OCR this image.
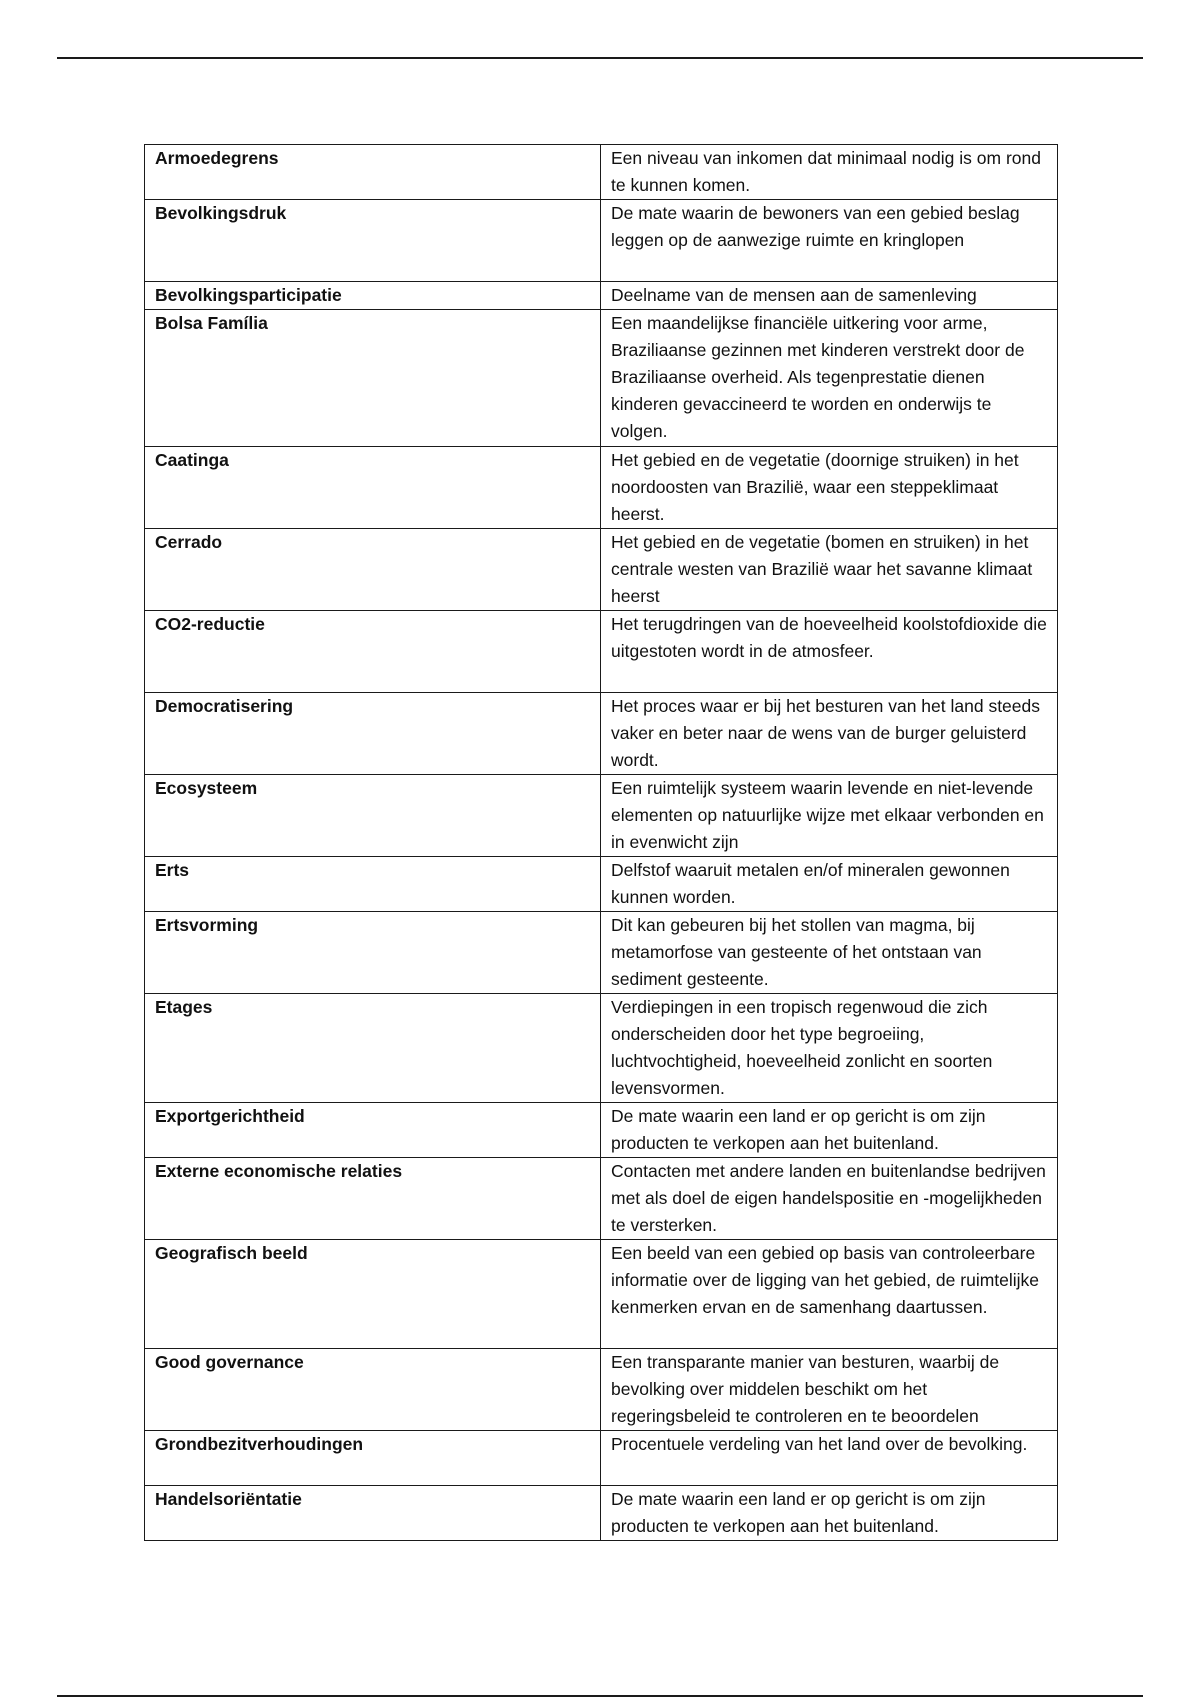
Armoedegrens	Een niveau van inkomen dat minimaal nodig is om rond te kunnen komen.
Bevolkingsdruk	De mate waarin de bewoners van een gebied beslag leggen op de aanwezige ruimte en kringlopen
Bevolkingsparticipatie	Deelname van de mensen aan de samenleving
Bolsa Família	Een maandelijkse financiële uitkering voor arme, Braziliaanse gezinnen met kinderen verstrekt door de Braziliaanse overheid. Als tegenprestatie dienen kinderen gevaccineerd te worden en onderwijs te volgen.
Caatinga	Het gebied en de vegetatie (doornige struiken) in het noordoosten van Brazilië, waar een steppeklimaat heerst.
Cerrado	Het gebied en de vegetatie (bomen en struiken) in het centrale westen van Brazilië waar het savanne klimaat heerst
CO2-reductie	Het terugdringen van de hoeveelheid koolstofdioxide die uitgestoten wordt in de atmosfeer.
Democratisering	Het proces waar er bij het besturen van het land steeds vaker en beter naar de wens van de burger geluisterd wordt.
Ecosysteem	Een ruimtelijk systeem waarin levende en niet-levende elementen op natuurlijke wijze met elkaar verbonden en in evenwicht zijn
Erts	Delfstof waaruit metalen en/of mineralen gewonnen kunnen worden.
Ertsvorming	Dit kan gebeuren bij het stollen van magma, bij metamorfose van gesteente of het ontstaan van sediment gesteente.
Etages	Verdiepingen in een tropisch regenwoud die zich onderscheiden door het type begroeiing, luchtvochtigheid, hoeveelheid zonlicht en soorten levensvormen.
Exportgerichtheid	De mate waarin een land er op gericht is om zijn producten te verkopen aan het buitenland.
Externe economische relaties	Contacten met andere landen en buitenlandse bedrijven met als doel de eigen handelspositie en -mogelijkheden te versterken.
Geografisch beeld	Een beeld van een gebied op basis van controleerbare informatie over de ligging van het gebied, de ruimtelijke kenmerken ervan en de samenhang daartussen.
Good governance	Een transparante manier van besturen, waarbij de bevolking over middelen beschikt om het regeringsbeleid te controleren en te beoordelen
Grondbezitverhoudingen	Procentuele verdeling van het land over de bevolking.
Handelsoriëntatie	De mate waarin een land er op gericht is om zijn producten te verkopen aan het buitenland.
